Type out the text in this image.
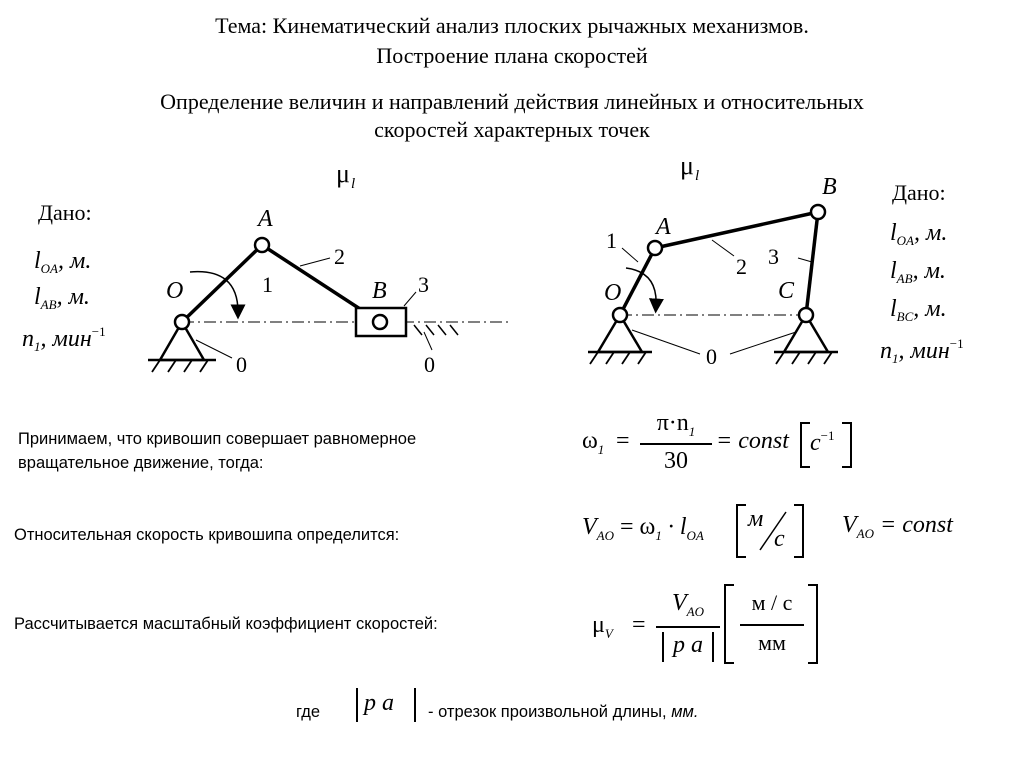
Тема: Кинематический анализ плоских рычажных механизмов.
Построение плана скоростей
Определение величин и направлений действия линейных и относительных
скоростей характерных точек
μ l
A
O	B
1
2
3
0	0
μ l
A
O
B
C
1
2 3
0
Дано:
$l_{OA}$, м.
$l_{AB}$, м.
$n_1$, мин$^{-1}$
Дано:
$l_{OA}$, м.
$l_{AB}$, м.
$l_{BC}$, м.
$n_1$, мин$^{-1}$
Принимаем, что кривошип совершает равномерное
вращательное движение, тогда:
$\omega_1$ =
$\pi\cdot n_1$
30
= const $c^{-1}$
Относительная скорость кривошипа определится:	$V_{AO} = \omega_1 \cdot l_{OA}$
м
с
$V_{AO}$ = const
Рассчитывается масштабный коэффициент скоростей:	$\mu_V$ =
$V_{AO}$
p a
м / с
мм
где p a - отрезок произвольной длины, мм.
